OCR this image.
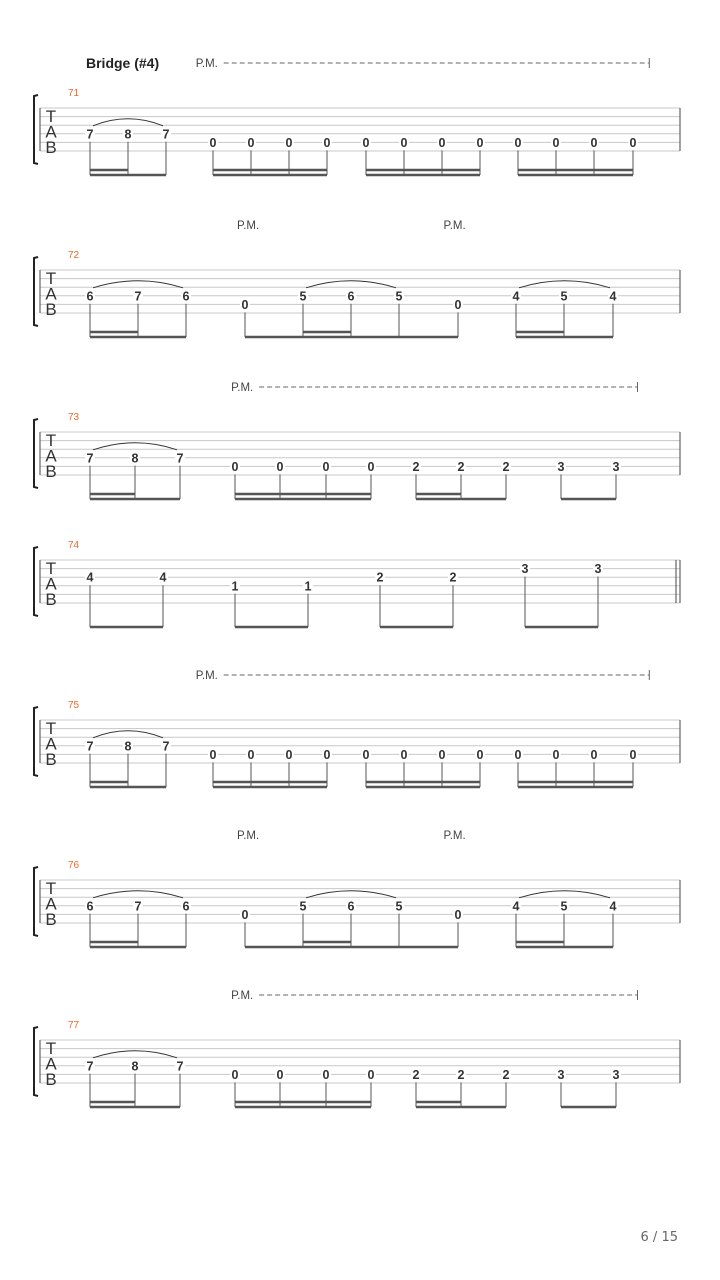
Bridge (#4)
T
A
B
71
P.M.
7 8 7
0 0 0 0	0 0 0 0 0 0 0	0
T
A
B
72
P.M.	P.M.
6	7	6
0
5	6	5
0
4	5	4
T
A
B
73
P.M.
7	8	7
0	0	0	0	2	2	2	3	3
T
A
B
74
4	4
1	1
2	2
3	3
T
A
B
75
P.M.
7 8 7
0 0 0 0	0 0 0 0 0 0 0	0
T
A
B
76
P.M.	P.M.
6	7	6
0
5	6	5
0
4	5	4
T
A
B
77
P.M.
7	8	7
0	0	0	0	2	2	2	3	3
6 / 15
